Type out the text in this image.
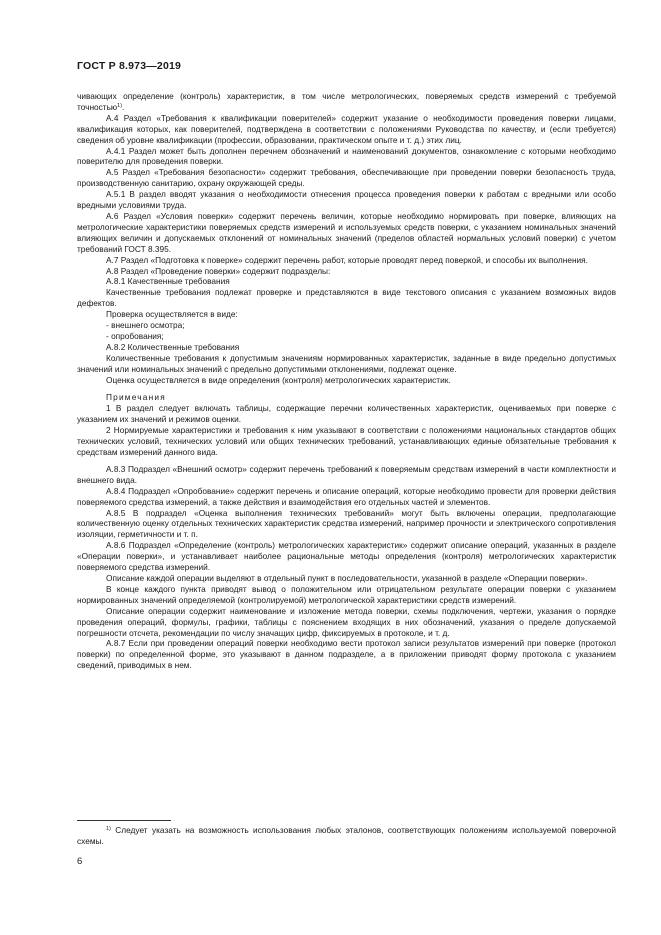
ГОСТ Р 8.973—2019

чивающих определение (контроль) характеристик, в том числе метрологических, поверяемых средств измерений с требуемой точностью$^{1)}$.

А.4 Раздел «Требования к квалификации поверителей» содержит указание о необходимости проведения поверки лицами, квалификация которых, как поверителей, подтверждена в соответствии с положениями Руководства по качеству, и (если требуется) сведения об уровне квалификации (профессии, образовании, практическом опыте и т. д.) этих лиц.

А.4.1 Раздел может быть дополнен перечнем обозначений и наименований документов, ознакомление с которыми необходимо поверителю для проведения поверки.

А.5 Раздел «Требования безопасности» содержит требования, обеспечивающие при проведении поверки безопасность труда, производственную санитарию, охрану окружающей среды.

А.5.1 В раздел вводят указания о необходимости отнесения процесса проведения поверки к работам с вредными или особо вредными условиями труда.

А.6 Раздел «Условия поверки» содержит перечень величин, которые необходимо нормировать при поверке, влияющих на метрологические характеристики поверяемых средств измерений и используемых средств поверки, с указанием номинальных значений влияющих величин и допускаемых отклонений от номинальных значений (пределов областей нормальных условий поверки) с учетом требований ГОСТ 8.395.

А.7 Раздел «Подготовка к поверке» содержит перечень работ, которые проводят перед поверкой, и способы их выполнения.

А.8 Раздел «Проведение поверки» содержит подразделы:

А.8.1 Качественные требования

Качественные требования подлежат проверке и представляются в виде текстового описания с указанием возможных видов дефектов.

Проверка осуществляется в виде:

- внешнего осмотра;

- опробования;

А.8.2 Количественные требования

Количественные требования к допустимым значениям нормированных характеристик, заданные в виде предельно допустимых значений или номинальных значений с предельно допустимыми отклонениями, подлежат оценке.

Оценка осуществляется в виде определения (контроля) метрологических характеристик.

Примечания

1 В раздел следует включать таблицы, содержащие перечни количественных характеристик, оцениваемых при поверке с указанием их значений и режимов оценки.

2 Нормируемые характеристики и требования к ним указывают в соответствии с положениями национальных стандартов общих технических условий, технических условий или общих технических требований, устанавливающих единые обязательные требования к средствам измерений данного вида.

А.8.3 Подраздел «Внешний осмотр» содержит перечень требований к поверяемым средствам измерений в части комплектности и внешнего вида.

А.8.4 Подраздел «Опробование» содержит перечень и описание операций, которые необходимо провести для проверки действия поверяемого средства измерений, а также действия и взаимодействия его отдельных частей и элементов.

А.8.5 В подраздел «Оценка выполнения технических требований» могут быть включены операции, предполагающие количественную оценку отдельных технических характеристик средства измерений, например прочности и электрического сопротивления изоляции, герметичности и т. п.

А.8.6 Подраздел «Определение (контроль) метрологических характеристик» содержит описание операций, указанных в разделе «Операции поверки», и устанавливает наиболее рациональные методы определения (контроля) метрологических характеристик поверяемого средства измерений.

Описание каждой операции выделяют в отдельный пункт в последовательности, указанной в разделе «Операции поверки».

В конце каждого пункта приводят вывод о положительном или отрицательном результате операции поверки с указанием нормированных значений определяемой (контролируемой) метрологической характеристики средств измерений.

Описание операции содержит наименование и изложение метода поверки, схемы подключения, чертежи, указания о порядке проведения операций, формулы, графики, таблицы с пояснением входящих в них обозначений, указания о пределе допускаемой погрешности отсчета, рекомендации по числу значащих цифр, фиксируемых в протоколе, и т. д.

А.8.7 Если при проведении операций поверки необходимо вести протокол записи результатов измерений при поверке (протокол поверки) по определенной форме, это указывают в данном подразделе, а в приложении приводят форму протокола с указанием сведений, приводимых в нем.

$^{1)}$ Следует указать на возможность использования любых эталонов, соответствующих положениям используемой поверочной схемы.

6
